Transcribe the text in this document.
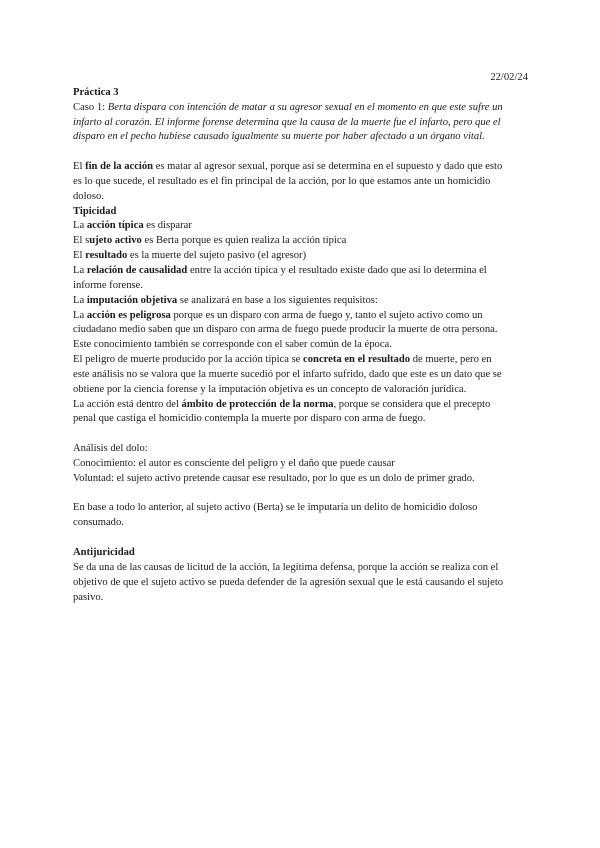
22/02/24
Práctica 3
Caso 1: Berta dispara con intención de matar a su agresor sexual en el momento en que este sufre un
infarto al corazón. El informe forense determina que la causa de la muerte fue el infarto, pero que el
disparo en el pecho hubiese causado igualmente su muerte por haber afectado a un órgano vital.
El fin de la acción es matar al agresor sexual, porque así se determina en el supuesto y dado que esto
es lo que sucede, el resultado es el fin principal de la acción, por lo que estamos ante un homicidio
doloso.
Tipicidad
La acción típica es disparar
El sujeto activo es Berta porque es quien realiza la acción típica
El resultado es la muerte del sujeto pasivo (el agresor)
La relación de causalidad entre la acción típica y el resultado existe dado que así lo determina el
informe forense.
La imputación objetiva se analizará en base a los siguientes requisitos:
La acción es peligrosa porque es un disparo con arma de fuego y, tanto el sujeto activo como un
ciudadano medio saben que un disparo con arma de fuego puede producir la muerte de otra persona.
Este conocimiento también se corresponde con el saber común de la época.
El peligro de muerte producido por la acción típica se concreta en el resultado de muerte, pero en
este análisis no se valora que la muerte sucedió por el infarto sufrido, dado que este es un dato que se
obtiene por la ciencia forense y la imputación objetiva es un concepto de valoración jurídica.
La acción está dentro del ámbito de protección de la norma, porque se considera que el precepto
penal que castiga el homicidio contempla la muerte por disparo con arma de fuego.
Análisis del dolo:
Conocimiento: el autor es consciente del peligro y el daño que puede causar
Voluntad: el sujeto activo pretende causar ese resultado, por lo que es un dolo de primer grado.
En base a todo lo anterior, al sujeto activo (Berta) se le imputaría un delito de homicidio doloso
consumado.
Antijuricidad
Se da una de las causas de licitud de la acción, la legítima defensa, porque la acción se realiza con el
objetivo de que el sujeto activo se pueda defender de la agresión sexual que le está causando el sujeto
pasivo.
